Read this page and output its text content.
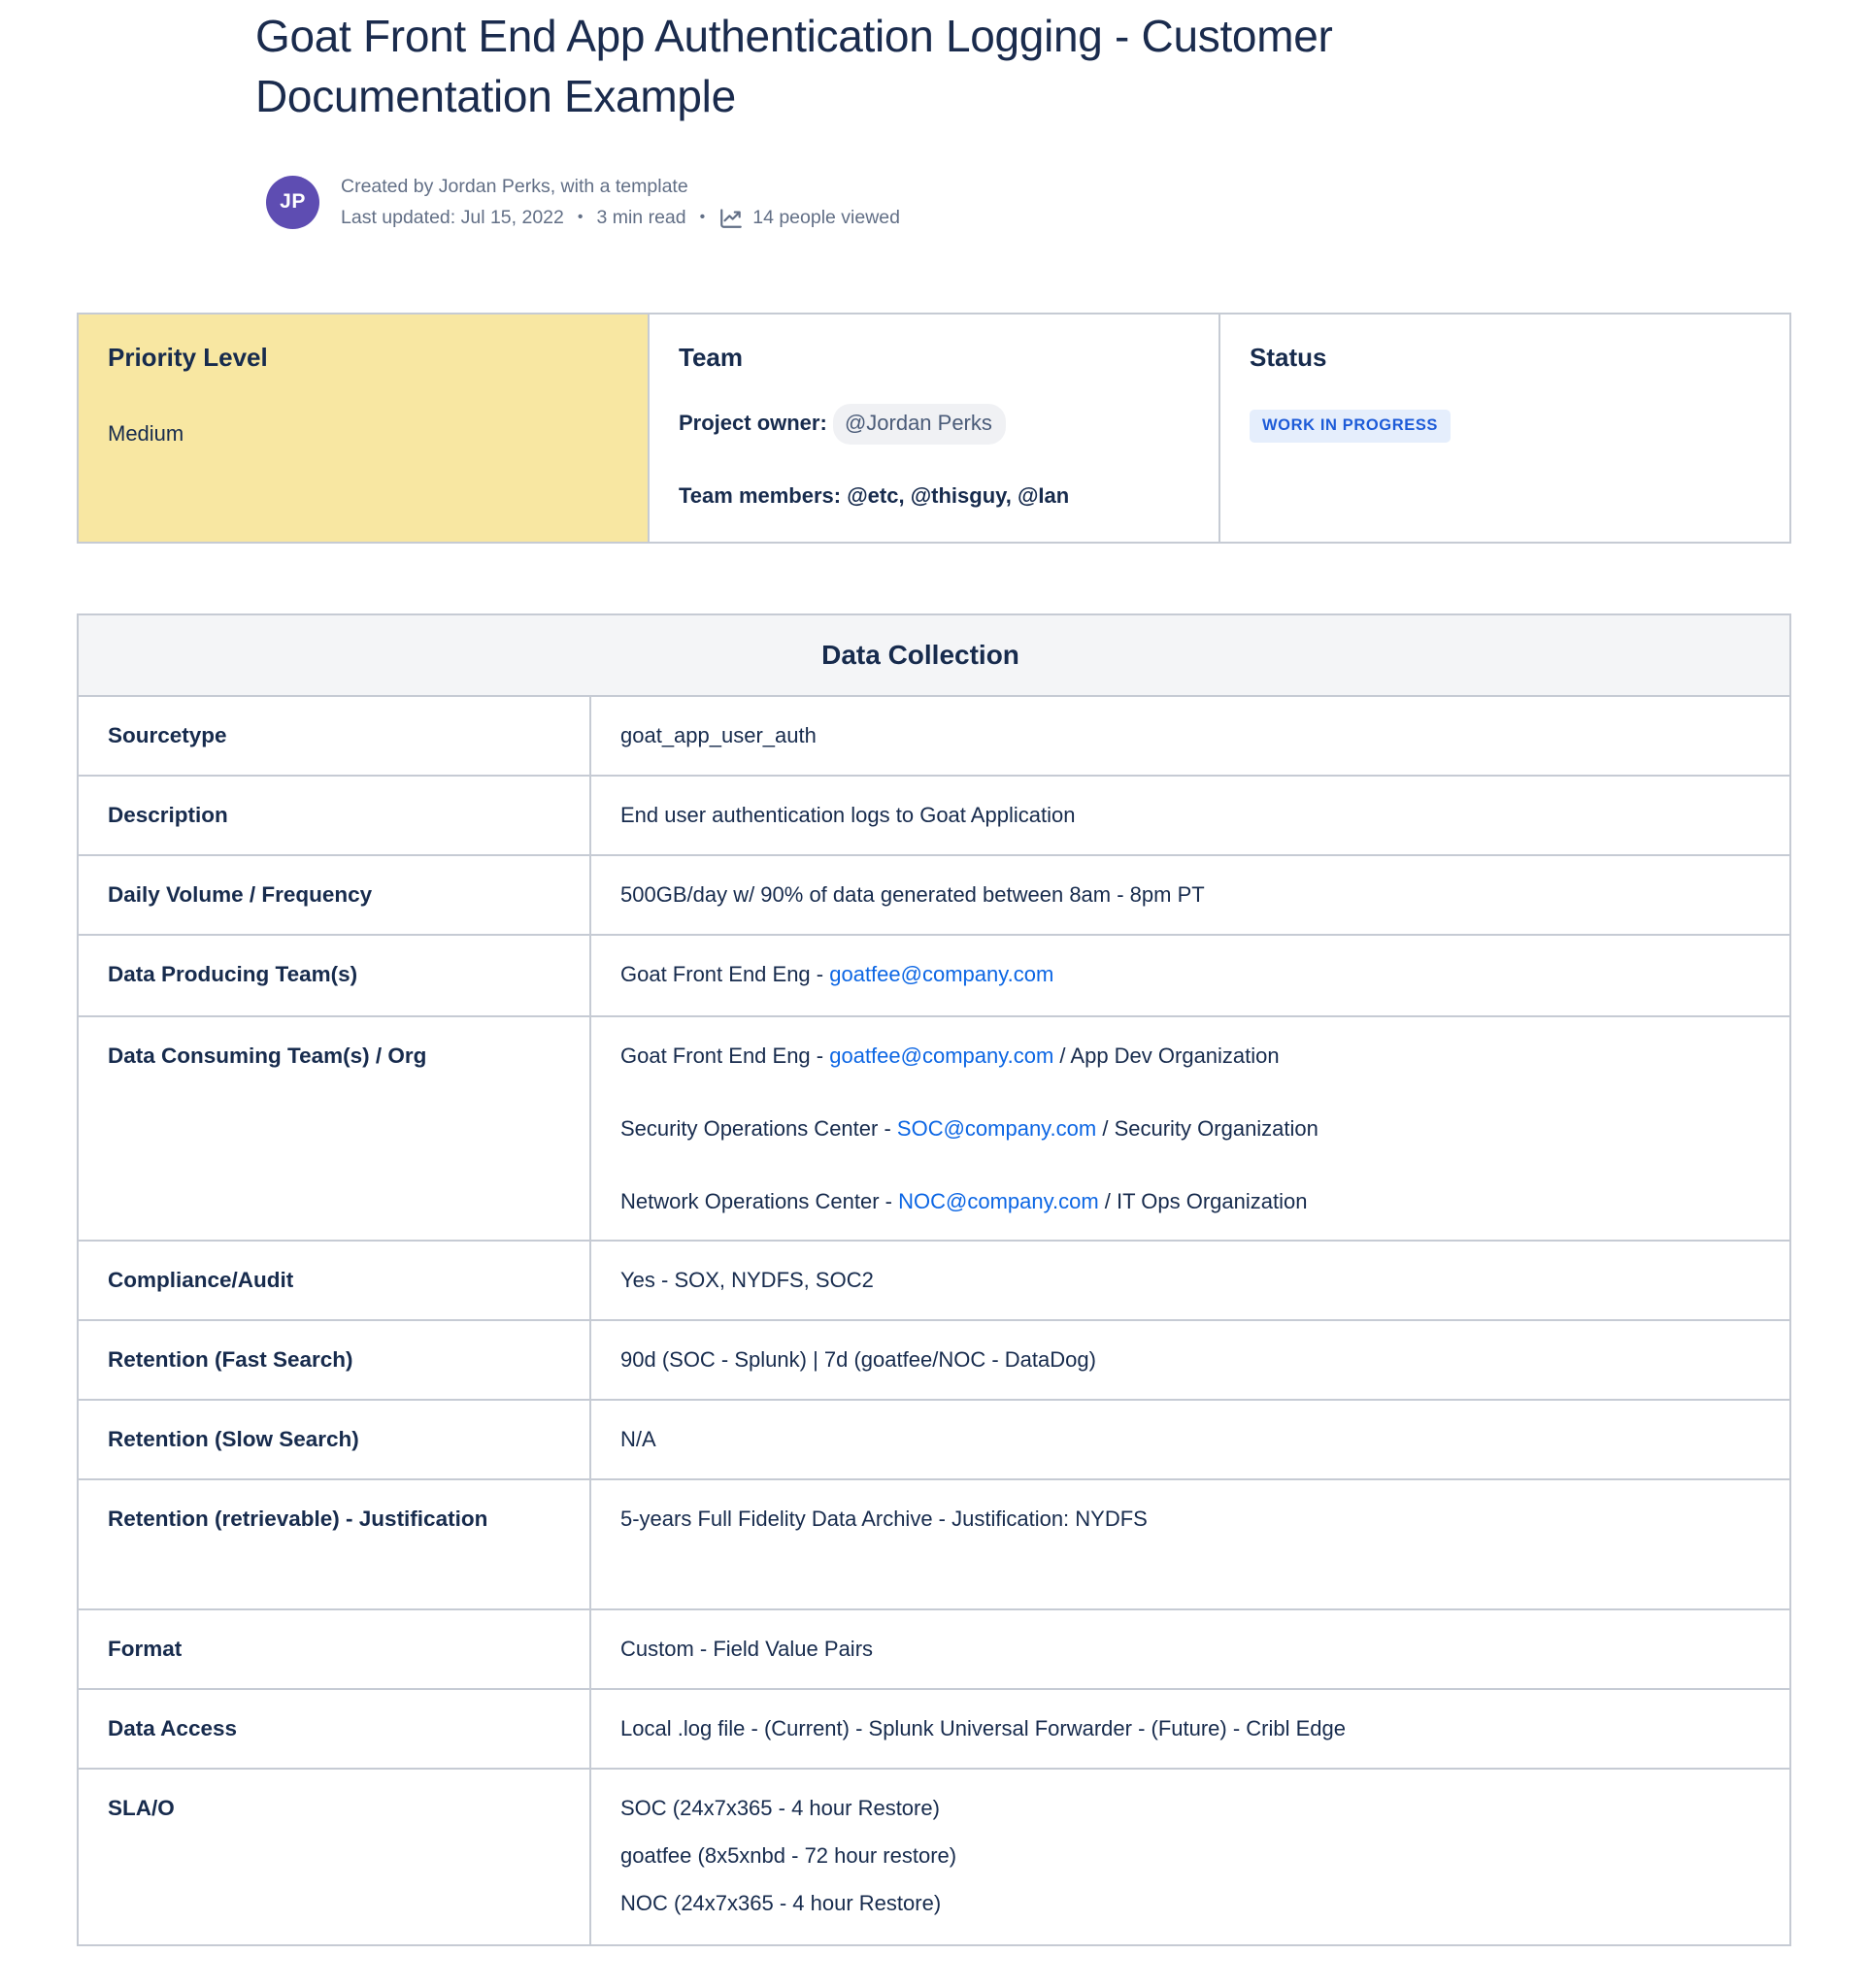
Goat Front End App Authentication Logging - Customer
Documentation Example
JP
Created by Jordan Perks, with a template
Last updated: Jul 15, 2022 • 3 min read •	14 people viewed
Priority Level
Medium

Team
Project owner: @Jordan Perks
Team members: @etc, @thisguy, @Ian

Status
WORK IN PROGRESS
Data Collection	
Sourcetype	goat_app_user_auth
Description	End user authentication logs to Goat Application
Daily Volume / Frequency	500GB/day w/ 90% of data generated between 8am - 8pm PT
Data Producing Team(s)	Goat Front End Eng - goatfee@company.com
Data Consuming Team(s) / Org	Goat Front End Eng - goatfee@company.com / App Dev Organization
Security Operations Center - SOC@company.com / Security Organization
Network Operations Center - NOC@company.com / IT Ops Organization

Compliance/Audit	Yes - SOX, NYDFS, SOC2
Retention (Fast Search)	90d (SOC - Splunk) | 7d (goatfee/NOC - DataDog)
Retention (Slow Search)	N/A
Retention (retrievable) - Justification	5-years Full Fidelity Data Archive - Justification: NYDFS
Format	Custom - Field Value Pairs
Data Access	Local .log file - (Current) - Splunk Universal Forwarder - (Future) - Cribl Edge
SLA/O	SOC (24x7x365 - 4 hour Restore)
goatfee (8x5xnbd - 72 hour restore)
NOC (24x7x365 - 4 hour Restore)
